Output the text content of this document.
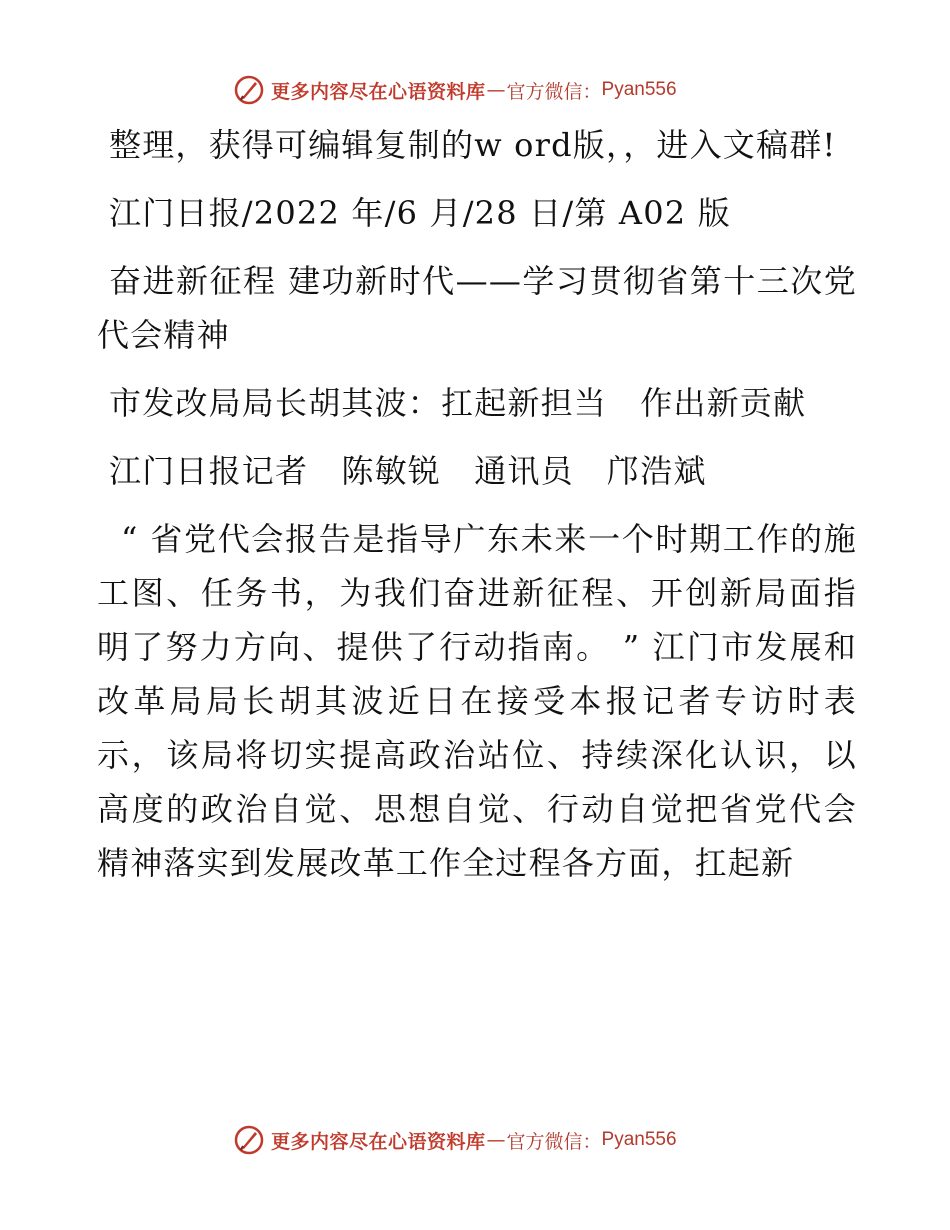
更多内容尽在心语资料库 — 官方微信： Pyan556

整理，获得可编辑复制的w ord版，，进入文稿群!

江门日报/2022 年/6 月/28 日/第 A02 版

奋进新征程 建功新时代——学习贯彻省第十三次党代会精神

市发改局局长胡其波：扛起新担当　作出新贡献

江门日报记者　陈敏锐　通讯员　邝浩斌

“ 省党代会报告是指导广东未来一个时期工作的施工图、任务书，为我们奋进新征程、开创新局面指明了努力方向、提供了行动指南。 ” 江门市发展和改革局局长胡其波近日在接受本报记者专访时表示，该局将切实提高政治站位、持续深化认识，以高度的政治自觉、思想自觉、行动自觉把省党代会精神落实到发展改革工作全过程各方面，扛起新

更多内容尽在心语资料库 — 官方微信： Pyan556
